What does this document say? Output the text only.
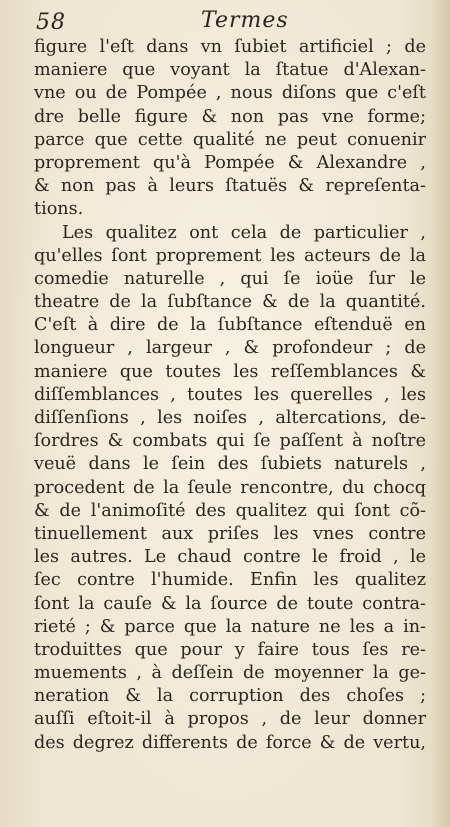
58	Termes
figure l'eſt dans vn ſubiet artificiel ; de
maniere que voyant la ſtatue d'Alexan-
vne ou de Pompée , nous diſons que c'eſt
dre belle figure & non pas vne forme;
parce que cette qualité ne peut conuenir
proprement qu'à Pompée & Alexandre ,
& non pas à leurs ſtatuës & repreſenta-
tions.
Les qualitez ont cela de particulier ,
qu'elles ſont proprement les acteurs de la
comedie naturelle , qui ſe ioüe ſur le
theatre de la ſubſtance & de la quantité.
C'eſt à dire de la ſubſtance eſtenduë en
longueur , largeur , & profondeur ; de
maniere que toutes les reſſemblances &
diſſemblances , toutes les querelles , les
diſſenſions , les noiſes , altercations, de-
ſordres & combats qui ſe paſſent à noſtre
veuë dans le ſein des ſubiets naturels ,
procedent de la ſeule rencontre, du chocq
& de l'animoſité des qualitez qui ſont cõ-
tinuellement aux priſes les vnes contre
les autres. Le chaud contre le froid , le
ſec contre l'humide. Enfin les qualitez
ſont la cauſe & la ſource de toute contra-
rieté ; & parce que la nature ne les a in-
troduittes que pour y faire tous ſes re-
muements , à deſſein de moyenner la ge-
neration & la corruption des choſes ;
auſſi eſtoit-il à propos , de leur donner
des degrez differents de force & de vertu,
